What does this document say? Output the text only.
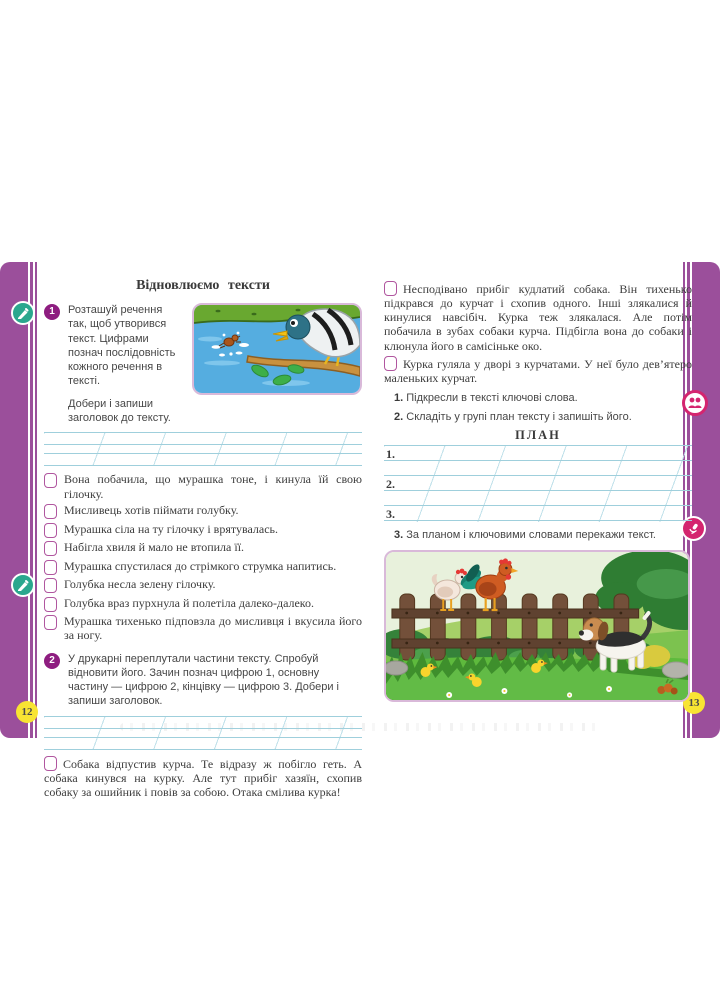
12
13
Відновлюємо тексти
1	Розташуй речення так, щоб утворився текст. Цифрами познач послідовність кожного речення в тексті.

Добери і запиши заголовок до тексту.

Вона побачила, що мурашка тоне, і кинула їй свою гілочку.

Мисливець хотів піймати голубку.

Мурашка сіла на ту гілочку і врятувалась.

Набігла хвиля й мало не втопила її.

Мурашка спустилася до стрімкого струмка напитись.

Голубка несла зелену гілочку.

Голубка враз пурхнула й полетіла далеко-далеко.

Мурашка тихенько підповзла до мисливця і вкусила його за ногу.

2	У друкарні переплутали частини тексту. Спробуй відновити його. Зачин познач цифрою 1, основну частину — цифрою 2, кінцівку — цифрою 3. Добери і запиши заголовок.

Собака відпустив курча. Те відразу ж побігло геть. А собака кинувся на курку. Але тут прибіг хазяїн, схопив собаку за ошийник і повів за собою. Отака смілива курка!

Несподівано прибіг кудлатий собака. Він тихенько підкрався до курчат і схопив одного. Інші злякалися й кинулися навсібіч. Курка теж злякалася. Але потім побачила в зубах собаки курча. Підбігла вона до собаки і клюнула його в самісіньке око.

Курка гуляла у дворі з курчатами. У неї було дев’ятеро маленьких курчат.

1. Підкресли в тексті ключові слова.

2. Складіть у групі план тексту і запишіть його.

ПЛАН
1.
2.
3.

3. За планом і ключовими словами перекажи текст.
